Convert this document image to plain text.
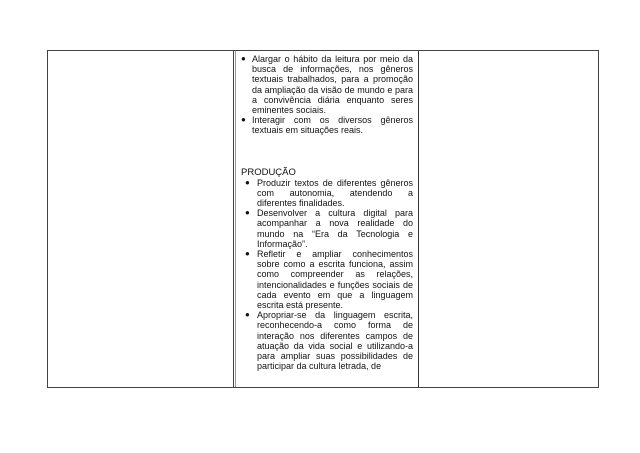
● Alargar o hábito da leitura por meio da busca de informações, nos gêneros textuais trabalhados, para a promoção da ampliação da visão de mundo e para a convivência diária enquanto seres eminentes sociais.
● Interagir com os diversos gêneros textuais em situações reais.
PRODUÇÃO
● Produzir textos de diferentes gêneros com autonomia, atendendo a diferentes finalidades.
● Desenvolver a cultura digital para acompanhar a nova realidade do mundo na “Era da Tecnologia e Informação”.
● Refletir e ampliar conhecimentos sobre como a escrita funciona, assim como compreender as relações, intencionalidades e funções sociais de cada evento em que a linguagem escrita está presente.
● Apropriar-se da linguagem escrita, reconhecendo-a como forma de interação nos diferentes campos de atuação da vida social e utilizando-a para ampliar suas possibilidades de participar da cultura letrada, de
